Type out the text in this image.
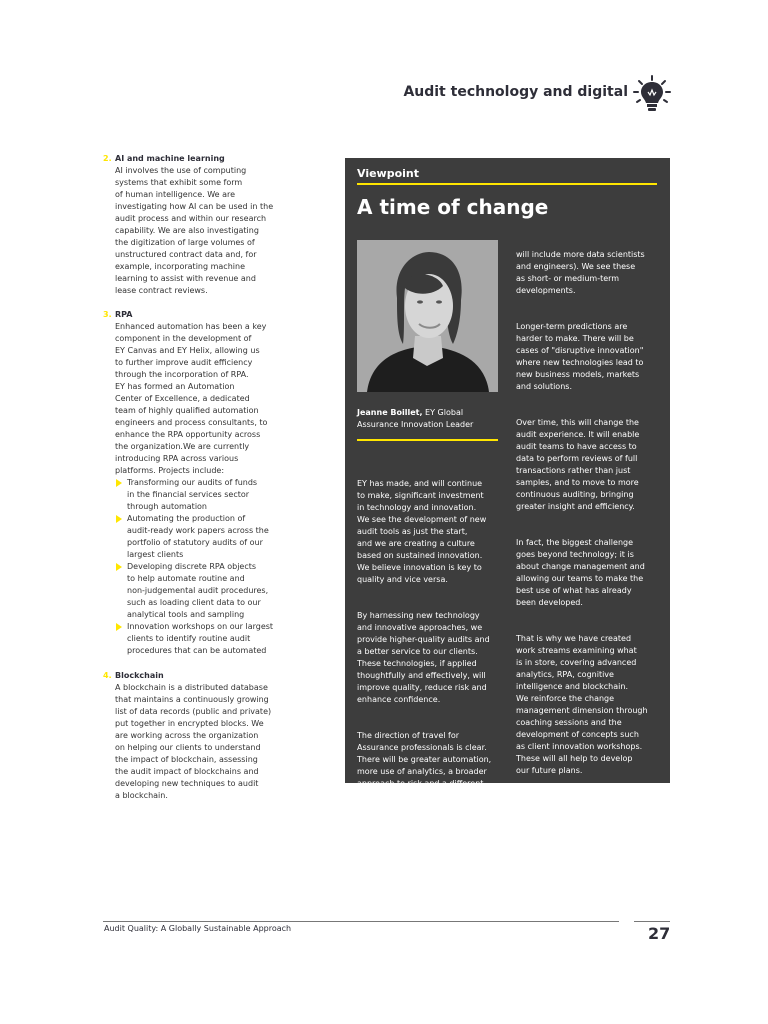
Audit technology and digital
2. AI and machine learning
AI involves the use of computing
systems that exhibit some form
of human intelligence. We are
investigating how AI can be used in the
audit process and within our research
capability. We are also investigating
the digitization of large volumes of
unstructured contract data and, for
example, incorporating machine
learning to assist with revenue and
lease contract reviews.
3. RPA
Enhanced automation has been a key
component in the development of
EY Canvas and EY Helix, allowing us
to further improve audit efficiency
through the incorporation of RPA.
EY has formed an Automation
Center of Excellence, a dedicated
team of highly qualified automation
engineers and process consultants, to
enhance the RPA opportunity across
the organization.We are currently
introducing RPA across various
platforms. Projects include:
Transforming our audits of funds
in the financial services sector
through automation
Automating the production of
audit-ready work papers across the
portfolio of statutory audits of our
largest clients
Developing discrete RPA objects
to help automate routine and
non-judgemental audit procedures,
such as loading client data to our
analytical tools and sampling
Innovation workshops on our largest
clients to identify routine audit
procedures that can be automated
4. Blockchain
A blockchain is a distributed database
that maintains a continuously growing
list of data records (public and private)
put together in encrypted blocks. We
are working across the organization
on helping our clients to understand
the impact of blockchain, assessing
the audit impact of blockchains and
developing new techniques to audit
a blockchain.
Viewpoint
A time of change
Jeanne Boillet, EY Global
Assurance Innovation Leader

EY has made, and will continue
to make, significant investment
in technology and innovation.
We see the development of new
audit tools as just the start,
and we are creating a culture
based on sustained innovation.
We believe innovation is key to
quality and vice versa.

By harnessing new technology
and innovative approaches, we
provide higher-quality audits and
a better service to our clients.
These technologies, if applied
thoughtfully and effectively, will
improve quality, reduce risk and
enhance confidence.

The direction of travel for
Assurance professionals is clear.
There will be greater automation,
more use of analytics, a broader
approach to risk and a different
profile for the audit team (which

will include more data scientists
and engineers). We see these
as short- or medium-term
developments.

Longer-term predictions are
harder to make. There will be
cases of "disruptive innovation"
where new technologies lead to
new business models, markets
and solutions.

Over time, this will change the
audit experience. It will enable
audit teams to have access to
data to perform reviews of full
transactions rather than just
samples, and to move to more
continuous auditing, bringing
greater insight and efficiency.

In fact, the biggest challenge
goes beyond technology; it is
about change management and
allowing our teams to make the
best use of what has already
been developed.

That is why we have created
work streams examining what
is in store, covering advanced
analytics, RPA, cognitive
intelligence and blockchain.
We reinforce the change
management dimension through
coaching sessions and the
development of concepts such
as client innovation workshops.
These will all help to develop
our future plans.

There is a long journey ahead. It
may occasionally be bumpy, but
it will be an exciting ride.

Audit Quality: A Globally Sustainable Approach	27
